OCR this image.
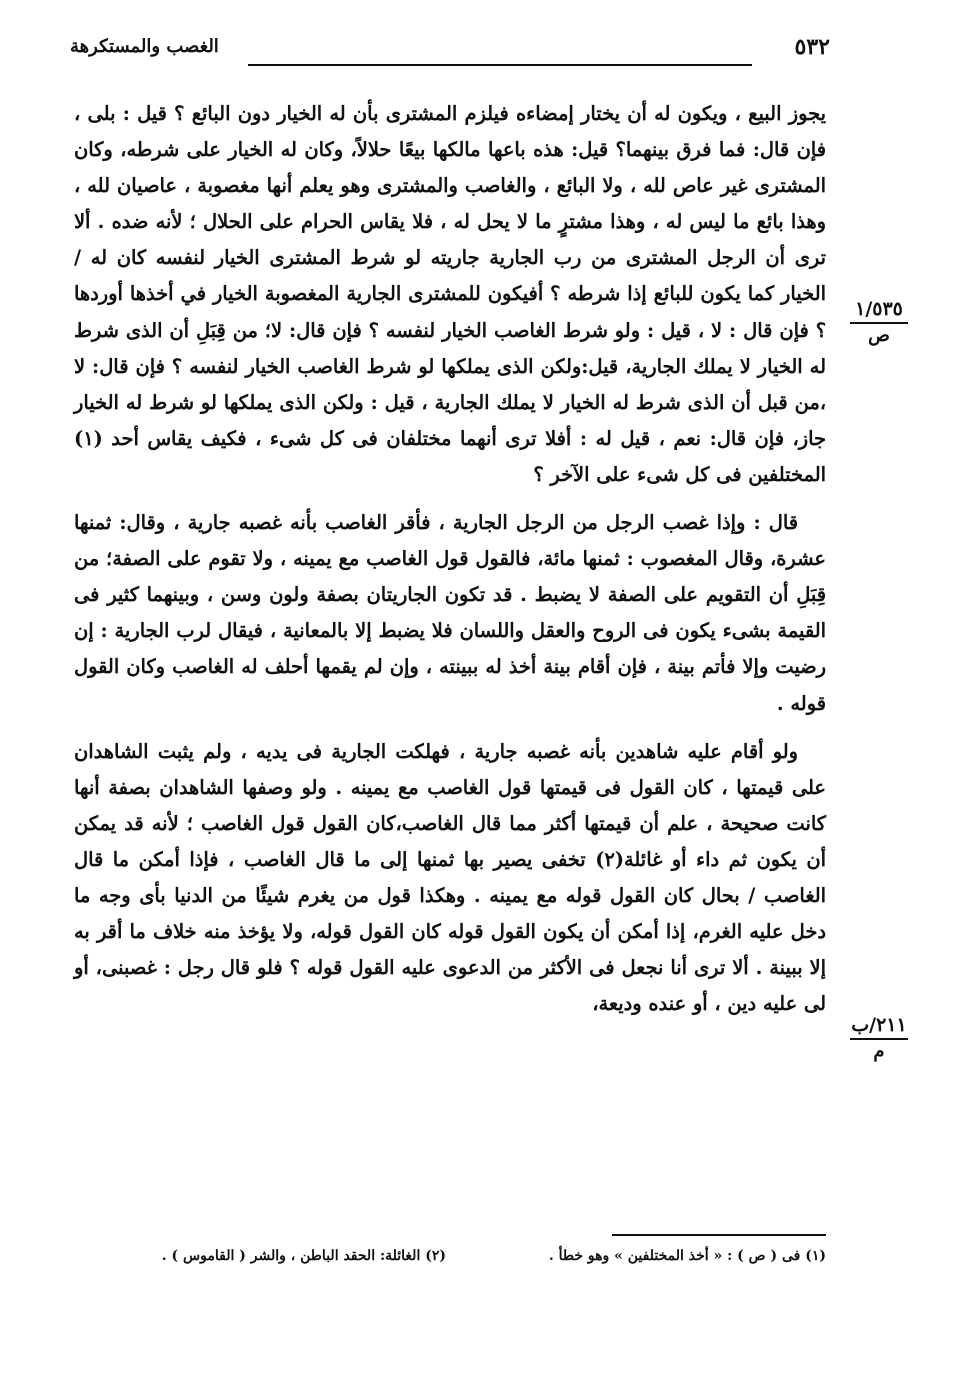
٥٣٢
الغصب والمستكرهة

يجوز البيع ، ويكون له أن يختار إمضاءه فيلزم المشترى بأن له الخيار دون البائع ؟ قيل : بلى ، فإن قال: فما فرق بينهما؟ قيل: هذه باعها مالكها بيعًا حلالاً، وكان له الخيار على شرطه، وكان المشترى غير عاص لله ، ولا البائع ، والغاصب والمشترى وهو يعلم أنها مغصوبة ، عاصيان لله ، وهذا بائع ما ليس له ، وهذا مشترٍ ما لا يحل له ، فلا يقاس الحرام على الحلال ؛ لأنه ضده . ألا ترى أن الرجل المشترى من رب الجارية جاريته لو شرط المشترى الخيار لنفسه كان له / الخيار كما يكون للبائع إذا شرطه ؟ أفيكون للمشترى الجارية المغصوبة الخيار في أخذها أوردها ؟ فإن قال : لا ، قيل : ولو شرط الغاصب الخيار لنفسه ؟ فإن قال: لا؛ من قِبَلِ أن الذى شرط له الخيار لا يملك الجارية، قيل:ولكن الذى يملكها لو شرط الغاصب الخيار لنفسه ؟ فإن قال: لا ،من قبل أن الذى شرط له الخيار لا يملك الجارية ، قيل : ولكن الذى يملكها لو شرط له الخيار جاز، فإن قال: نعم ، قيل له : أفلا ترى أنهما مختلفان فى كل شىء ، فكيف يقاس أحد (١) المختلفين فى كل شىء على الآخر ؟

قال : وإذا غصب الرجل من الرجل الجارية ، فأقر الغاصب بأنه غصبه جارية ، وقال: ثمنها عشرة، وقال المغصوب : ثمنها مائة، فالقول قول الغاصب مع يمينه ، ولا تقوم على الصفة؛ من قِبَلِ أن التقويم على الصفة لا يضبط . قد تكون الجاريتان بصفة ولون وسن ، وبينهما كثير فى القيمة بشىء يكون فى الروح والعقل واللسان فلا يضبط إلا بالمعانية ، فيقال لرب الجارية : إن رضيت وإلا فأتم بينة ، فإن أقام بينة أخذ له ببينته ، وإن لم يقمها أحلف له الغاصب وكان القول قوله .

ولو أقام عليه شاهدين بأنه غصبه جارية ، فهلكت الجارية فى يديه ، ولم يثبت الشاهدان على قيمتها ، كان القول فى قيمتها قول الغاصب مع يمينه . ولو وصفها الشاهدان بصفة أنها كانت صحيحة ، علم أن قيمتها أكثر مما قال الغاصب،كان القول قول الغاصب ؛ لأنه قد يمكن أن يكون ثم داء أو غائلة(٢) تخفى يصير بها ثمنها إلى ما قال الغاصب ، فإذا أمكن ما قال الغاصب / بحال كان القول قوله مع يمينه . وهكذا قول من يغرم شيئًا من الدنيا بأى وجه ما دخل عليه الغرم، إذا أمكن أن يكون القول قوله كان القول قوله، ولا يؤخذ منه خلاف ما أقر به إلا ببينة . ألا ترى أنا نجعل فى الأكثر من الدعوى عليه القول قوله ؟ فلو قال رجل : غصبنى، أو لى عليه دين ، أو عنده وديعة،

١/٥٣٥
ص
٢١١/ب
م
(١) فى ( ص ) : « أخذ المختلفين » وهو خطأ .
(٢) الغائلة: الحقد الباطن ، والشر ( القاموس ) .
